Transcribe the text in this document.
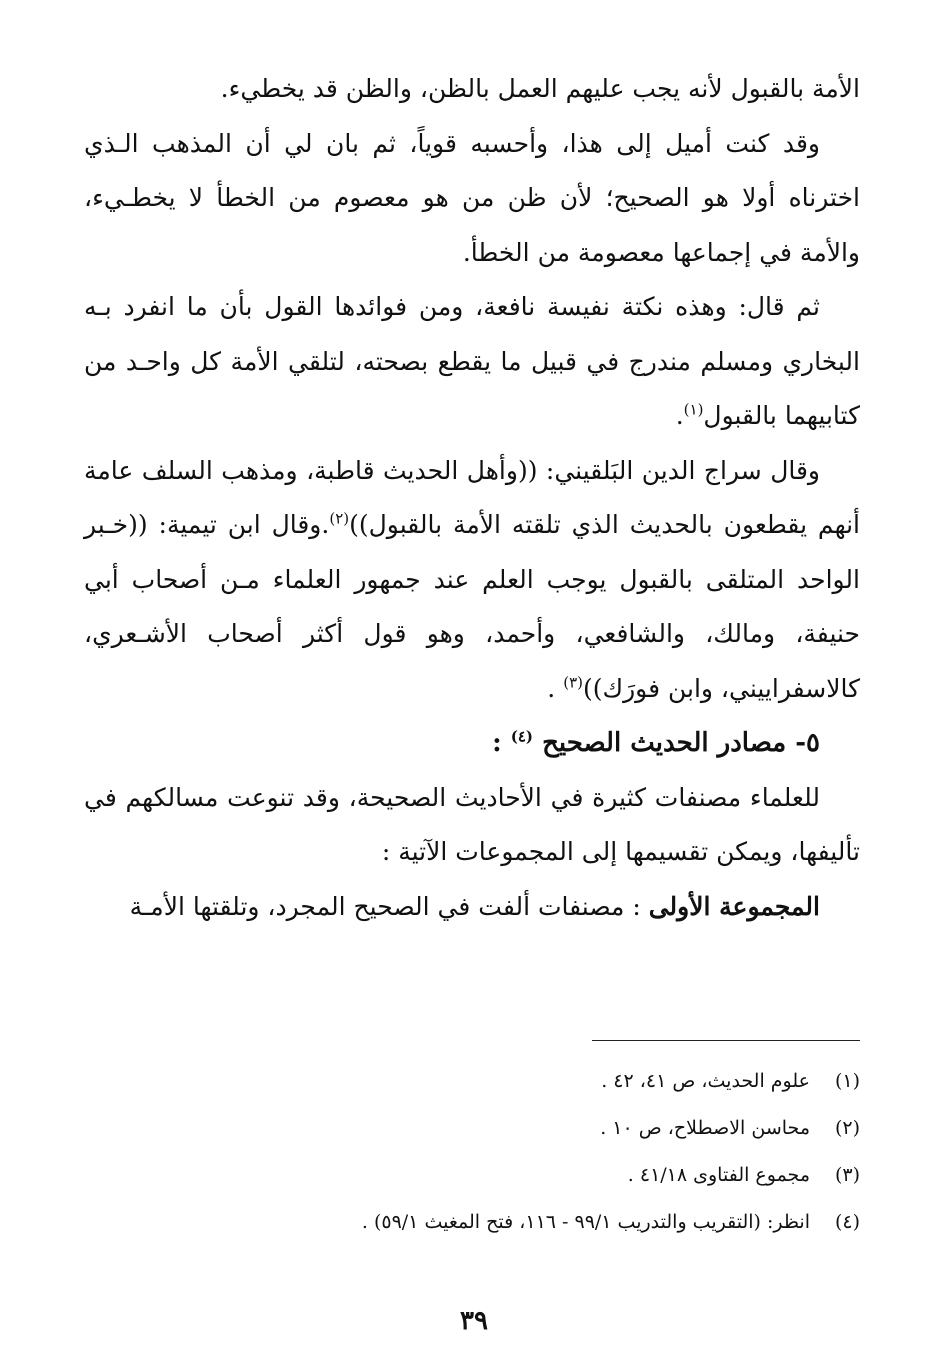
الأمة بالقبول لأنه يجب عليهم العمل بالظن، والظن قد يخطيء.

وقد كنت أميل إلى هذا، وأحسبه قوياً، ثم بان لي أن المذهب الـذي اخترناه أولا هو الصحيح؛ لأن ظن من هو معصوم من الخطأ لا يخطـيء، والأمة في إجماعها معصومة من الخطأ.

ثم قال: وهذه نكتة نفيسة نافعة، ومن فوائدها القول بأن ما انفرد بـه البخاري ومسلم مندرج في قبيل ما يقطع بصحته، لتلقي الأمة كل واحـد من كتابيهما بالقبول$^{(١)}$.

وقال سراج الدين البَلقيني: ((وأهل الحديث قاطبة، ومذهب السلف عامة أنهم يقطعون بالحديث الذي تلقته الأمة بالقبول))$^{(٢)}$.وقال ابن تيمية: ((خـبر الواحد المتلقى بالقبول يوجب العلم عند جمهور العلماء مـن أصحاب أبي حنيفة، ومالك، والشافعي، وأحمد، وهو قول أكثر أصحاب الأشـعري، كالاسفراييني، وابن فورَك))$^{(٣)}$ .

٥- مصادر الحديث الصحيح $^{(٤)}$ :

للعلماء مصنفات كثيرة في الأحاديث الصحيحة، وقد تنوعت مسالكهم في تأليفها، ويمكن تقسيمها إلى المجموعات الآتية :

المجموعة الأولى : مصنفات ألفت في الصحيح المجرد، وتلقتها الأمـة

(١)علوم الحديث، ص ٤١، ٤٢ .
(٢)محاسن الاصطلاح، ص ١٠ .
(٣)مجموع الفتاوى ٤١/١٨ .
(٤)انظر: (التقريب والتدريب ٩٩/١ - ١١٦، فتح المغيث ٥٩/١) .
٣٩
